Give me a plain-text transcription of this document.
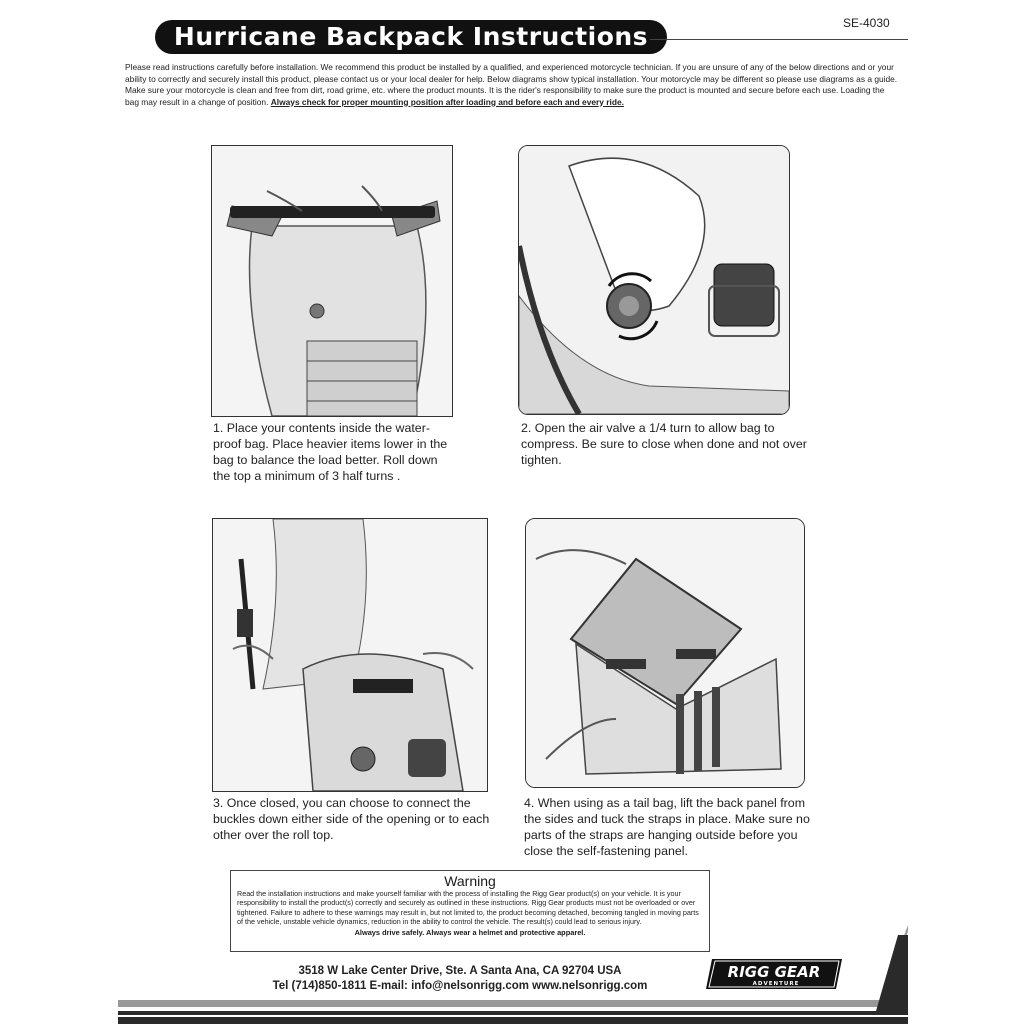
Hurricane Backpack Instructions	SE-4030
Please read instructions carefully before installation. We recommend this product be installed by a qualified, and experienced motorcycle technician. If you are unsure of any of the below directions and or your ability to correctly and securely install this product, please contact us or your local dealer for help. Below diagrams show typical installation. Your motorcycle may be different so please use diagrams as a guide. Make sure your motorcycle is clean and free from dirt, road grime, etc. where the product mounts. It is the rider's responsibility to make sure the product is mounted and secure before each use. Loading the bag may result in a change of position. Always check for proper mounting position after loading and before each and every ride.
1. Place your contents inside the water-proof bag. Place heavier items lower in the bag to balance the load better. Roll down the top a minimum of 3 half turns .
2. Open the air valve a 1/4 turn to allow bag to compress. Be sure to close when done and not over tighten.
3. Once closed, you can choose to connect the buckles down either side of the opening or to each other over the roll top.
4. When using as a tail bag, lift the back panel from the sides and tuck the straps in place. Make sure no parts of the straps are hanging outside before you close the self-fastening panel.
Warning
Read the installation instructions and make yourself familiar with the process of installing the Rigg Gear product(s) on your vehicle. It is your responsibility to install the product(s) correctly and securely as outlined in these instructions. Rigg Gear products must not be overloaded or over tightened. Failure to adhere to these warnings may result in, but not limited to, the product becoming detached, becoming tangled in moving parts of the vehicle, unstable vehicle dynamics, reduction in the ability to control the vehicle. The result(s) could lead to serious injury.
Always drive safely. Always wear a helmet and protective apparel.
3518 W Lake Center Drive, Ste. A Santa Ana, CA 92704 USA
Tel (714)850-1811 E-mail: info@nelsonrigg.com www.nelsonrigg.com
RIGG GEAR
ADVENTURE
